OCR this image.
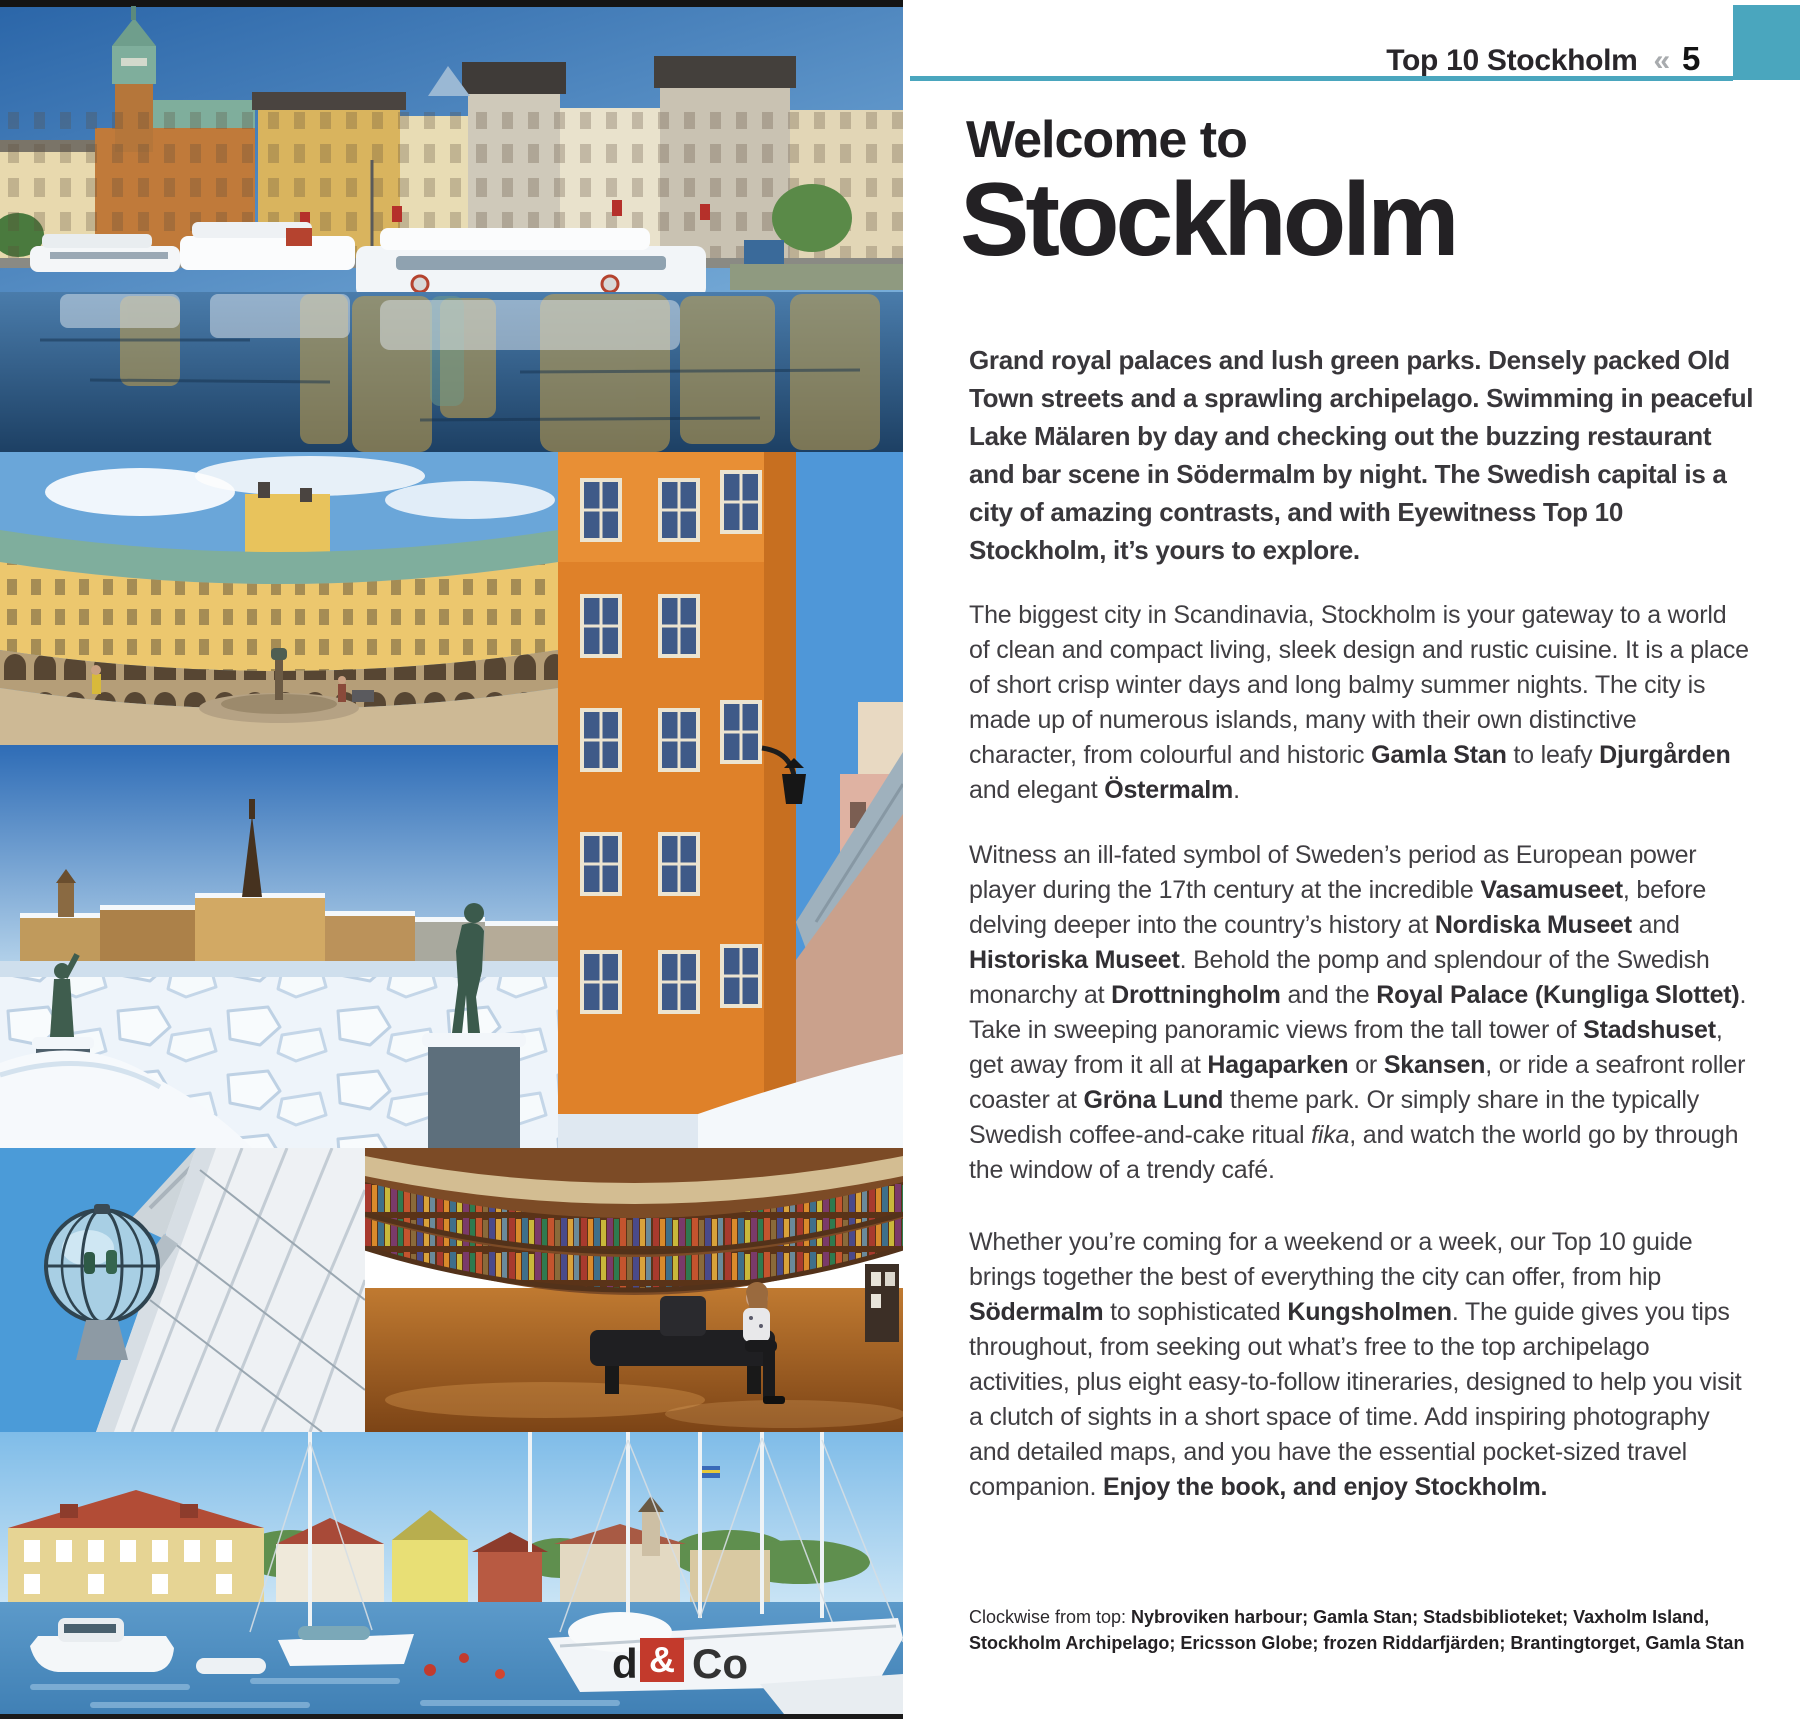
d & Co
Top 10 Stockholm « 5
Welcome to
Stockholm

Grand royal palaces and lush green parks. Densely packed Old Town streets and a sprawling archipelago. Swimming in peaceful Lake Mälaren by day and checking out the buzzing restaurant and bar scene in Södermalm by night. The Swedish capital is a city of amazing contrasts, and with Eyewitness Top 10 Stockholm, it’s yours to explore.

The biggest city in Scandinavia, Stockholm is your gateway to a world of clean and compact living, sleek design and rustic cuisine. It is a place of short crisp winter days and long balmy summer nights. The city is made up of numerous islands, many with their own distinctive character, from colourful and historic Gamla Stan to leafy Djurgården and elegant Östermalm.

Witness an ill-fated symbol of Sweden’s period as European power player during the 17th century at the incredible Vasamuseet, before delving deeper into the country’s history at Nordiska Museet and Historiska Museet. Behold the pomp and splendour of the Swedish monarchy at Drottningholm and the Royal Palace (Kungliga Slottet). Take in sweeping panoramic views from the tall tower of Stadshuset, get away from it all at Hagaparken or Skansen, or ride a seafront roller coaster at Gröna Lund theme park. Or simply share in the typically Swedish coffee-and-cake ritual fika, and watch the world go by through the window of a trendy café.

Whether you’re coming for a weekend or a week, our Top 10 guide brings together the best of everything the city can offer, from hip Södermalm to sophisticated Kungsholmen. The guide gives you tips throughout, from seeking out what’s free to the top archipelago activities, plus eight easy-to-follow itineraries, designed to help you visit a clutch of sights in a short space of time. Add inspiring photography and detailed maps, and you have the essential pocket-sized travel companion. Enjoy the book, and enjoy Stockholm.

Clockwise from top: Nybroviken harbour; Gamla Stan; Stadsbiblioteket; Vaxholm Island, Stockholm Archipelago; Ericsson Globe; frozen Riddarfjärden; Brantingtorget, Gamla Stan
